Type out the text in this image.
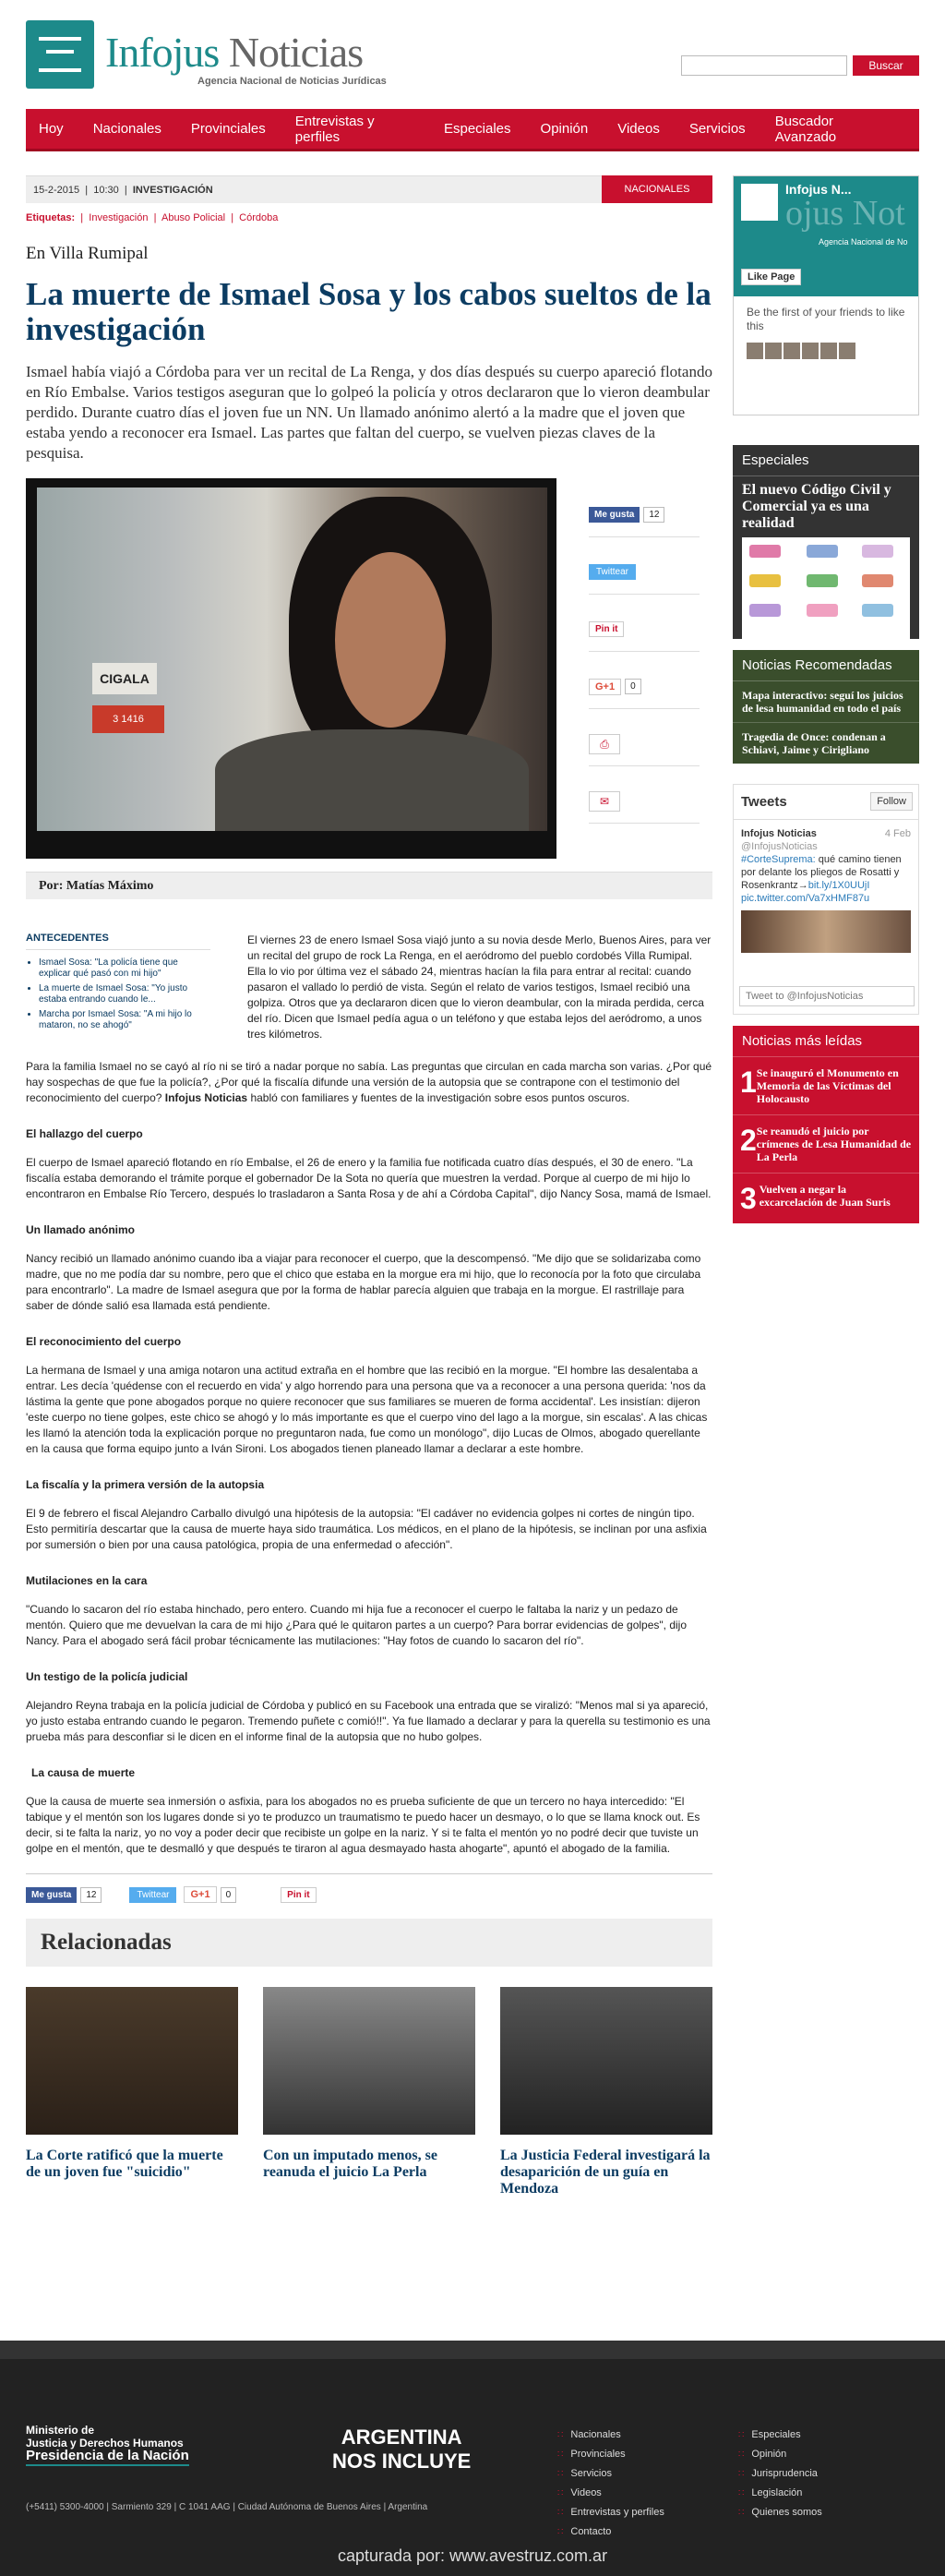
Infojus Noticias
Agencia Nacional de Noticias Jurídicas
Buscar
Hoy Nacionales Provinciales Entrevistas y perfiles	Especiales Opinión Videos Servicios Buscador Avanzado
15-2-2015  |  10:30  |  INVESTIGACIÓN	NACIONALES
Etiquetas:  |  Investigación  |  Abuso Policial  |  Córdoba
En Villa Rumipal
La muerte de Ismael Sosa y los cabos sueltos de la investigación

Ismael había viajó a Córdoba para ver un recital de La Renga, y dos días después su cuerpo apareció flotando en Río Embalse. Varios testigos aseguran que lo golpeó la policía y otros declararon que lo vieron deambular perdido. Durante cuatro días el joven fue un NN. Un llamado anónimo alertó a la madre que el joven que estaba yendo a reconocer era Ismael. Las partes que faltan del cuerpo, se vuelven piezas claves de la pesquisa.

CIGALA
3 1416
Me gusta	12
Twittear
Pin it
G+1	0
⎙
✉
Por: Matías Máximo
ANTECEDENTES
• Ismael Sosa: "La policía tiene que explicar qué pasó con mi hijo"
• La muerte de Ismael Sosa: "Yo justo estaba entrando cuando le...
• Marcha por Ismael Sosa: "A mi hijo lo mataron, no se ahogó"

El viernes 23 de enero Ismael Sosa viajó junto a su novia desde Merlo, Buenos Aires, para ver un recital del grupo de rock La Renga, en el aeródromo del pueblo cordobés Villa Rumipal. Ella lo vio por última vez el sábado 24, mientras hacían la fila para entrar al recital: cuando pasaron el vallado lo perdió de vista. Según el relato de varios testigos, Ismael recibió una golpiza. Otros que ya declararon dicen que lo vieron deambular, con la mirada perdida, cerca del río. Dicen que Ismael pedía agua o un teléfono y que estaba lejos del aeródromo, a unos tres kilómetros.

Para la familia Ismael no se cayó al río ni se tiró a nadar porque no sabía. Las preguntas que circulan en cada marcha son varias. ¿Por qué hay sospechas de que fue la policía?, ¿Por qué la fiscalía difunde una versión de la autopsia que se contrapone con el testimonio del reconocimiento del cuerpo? Infojus Noticias habló con familiares y fuentes de la investigación sobre esos puntos oscuros.

El hallazgo del cuerpo

El cuerpo de Ismael apareció flotando en río Embalse, el 26 de enero y la familia fue notificada cuatro días después, el 30 de enero. "La fiscalía estaba demorando el trámite porque el gobernador De la Sota no quería que muestren la verdad. Porque al cuerpo de mi hijo lo encontraron en Embalse Río Tercero, después lo trasladaron a Santa Rosa y de ahí a Córdoba Capital", dijo Nancy Sosa, mamá de Ismael.

Un llamado anónimo

Nancy recibió un llamado anónimo cuando iba a viajar para reconocer el cuerpo, que la descompensó. "Me dijo que se solidarizaba como madre, que no me podía dar su nombre, pero que el chico que estaba en la morgue era mi hijo, que lo reconocía por la foto que circulaba para encontrarlo". La madre de Ismael asegura que por la forma de hablar parecía alguien que trabaja en la morgue. El rastrillaje para saber de dónde salió esa llamada está pendiente.

El reconocimiento del cuerpo

La hermana de Ismael y una amiga notaron una actitud extraña en el hombre que las recibió en la morgue. "El hombre las desalentaba a entrar. Les decía 'quédense con el recuerdo en vida' y algo horrendo para una persona que va a reconocer a una persona querida: 'nos da lástima la gente que pone abogados porque no quiere reconocer que sus familiares se mueren de forma accidental'. Les insistían: dijeron 'este cuerpo no tiene golpes, este chico se ahogó y lo más importante es que el cuerpo vino del lago a la morgue, sin escalas'. A las chicas les llamó la atención toda la explicación porque no preguntaron nada, fue como un monólogo", dijo Lucas de Olmos, abogado querellante en la causa que forma equipo junto a Iván Sironi. Los abogados tienen planeado llamar a declarar a este hombre.

La fiscalía y la primera versión de la autopsia

El 9 de febrero el fiscal Alejandro Carballo divulgó una hipótesis de la autopsia: "El cadáver no evidencia golpes ni cortes de ningún tipo. Esto permitiría descartar que la causa de muerte haya sido traumática. Los médicos, en el plano de la hipótesis, se inclinan por una asfixia por sumersión o bien por una causa patológica, propia de una enfermedad o afección".

Mutilaciones en la cara

"Cuando lo sacaron del río estaba hinchado, pero entero. Cuando mi hija fue a reconocer el cuerpo le faltaba la nariz y un pedazo de mentón. Quiero que me devuelvan la cara de mi hijo ¿Para qué le quitaron partes a un cuerpo? Para borrar evidencias de golpes", dijo Nancy. Para el abogado será fácil probar técnicamente las mutilaciones: "Hay fotos de cuando lo sacaron del río".

Un testigo de la policía judicial

Alejandro Reyna trabaja en la policía judicial de Córdoba y publicó en su Facebook una entrada que se viralizó: "Menos mal si ya apareció, yo justo estaba entrando cuando le pegaron. Tremendo puñete c comió!!". Ya fue llamado a declarar y para la querella su testimonio es una prueba más para desconfiar si le dicen en el informe final de la autopsia que no hubo golpes.

La causa de muerte

Que la causa de muerte sea inmersión o asfixia, para los abogados no es prueba suficiente de que un tercero no haya intercedido: "El tabique y el mentón son los lugares donde si yo te produzco un traumatismo te puedo hacer un desmayo, o lo que se llama knock out. Es decir, si te falta la nariz, yo no voy a poder decir que recibiste un golpe en la nariz. Y si te falta el mentón yo no podré decir que tuviste un golpe en el mentón, que te desmalló y que después te tiraron al agua desmayado hasta ahogarte", apuntó el abogado de la familia.

Me gusta 12	Twittear	G+1 0	Pin it
Relacionadas
La Corte ratificó que la muerte de un joven fue "suicidio"
Con un imputado menos, se reanuda el juicio La Perla
La Justicia Federal investigará la desaparición de un guía en Mendoza
ojus Not
Infojus N...
Agencia Nacional de No
Like Page
Be the first of your friends to like this
Especiales
El nuevo Código Civil y Comercial ya es una realidad
Noticias Recomendadas
Mapa interactivo: seguí los juicios de lesa humanidad en todo el país
Tragedia de Once: condenan a Schiavi, Jaime y Cirigliano
Tweets	Follow
Infojus Noticias	4 Feb
@InfojusNoticias
#CorteSuprema: qué camino tienen por delante los pliegos de Rosatti y Rosenkrantz→bit.ly/1X0UUjI
pic.twitter.com/Va7xHMF87u
Tweet to @InfojusNoticias
Noticias más leídas
1 Se inauguró el Monumento en Memoria de las Víctimas del Holocausto
2 Se reanudó el juicio por crímenes de Lesa Humanidad de La Perla
3 Vuelven a negar la excarcelación de Juan Suris
Ministerio de
Justicia y Derechos Humanos
Presidencia de la Nación
(+5411) 5300-4000 | Sarmiento 329 | C 1041 AAG | Ciudad Autónoma de Buenos Aires | Argentina
ARGENTINA
NOS INCLUYE
∷ Nacionales
∷ Provinciales
∷ Servicios
∷ Videos
∷ Entrevistas y perfiles
∷ Contacto
∷ Especiales
∷ Opinión
∷ Jurisprudencia
∷ Legislación
∷ Quienes somos
capturada por: www.avestruz.com.ar
